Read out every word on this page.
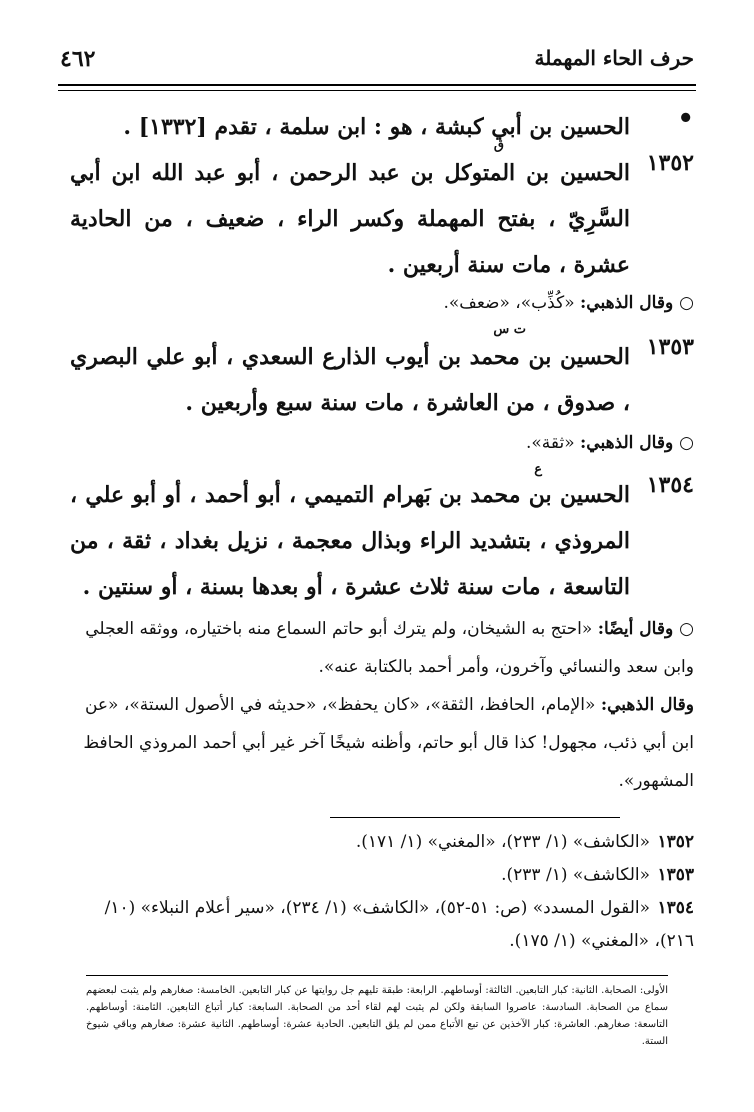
حرف الحاء المهملة
٤٦٢
•
الحسين بن أبي كبشة ، هو : ابن سلمة ، تقدم [١٣٣٢] .
ق
١٣٥٢
الحسين بن المتوكل بن عبد الرحمن ، أبو عبد الله ابن أبي السَّرِيّ ، بفتح المهملة وكسر الراء ، ضعيف ، من الحادية عشرة ، مات سنة أربعين .
○وقال الذهبي: «كُذِّب»، «ضعف».
ت س
١٣٥٣
الحسين بن محمد بن أيوب الذارع السعدي ، أبو علي البصري ، صدوق ، من العاشرة ، مات سنة سبع وأربعين .
○وقال الذهبي: «ثقة».
ع
١٣٥٤
الحسين بن محمد بن بَهرام التميمي ، أبو أحمد ، أو أبو علي ، المروذي ، بتشديد الراء وبذال معجمة ، نزيل بغداد ، ثقة ، من التاسعة ، مات سنة ثلاث عشرة ، أو بعدها بسنة ، أو سنتين .
○وقال أيضًا: «احتج به الشيخان، ولم يترك أبو حاتم السماع منه باختياره، ووثقه العجلي وابن سعد والنسائي وآخرون، وأمر أحمد بالكتابة عنه».
وقال الذهبي: «الإمام، الحافظ، الثقة»، «كان يحفظ»، «حديثه في الأصول الستة»، «عن ابن أبي ذئب، مجهول! كذا قال أبو حاتم، وأظنه شيخًا آخر غير أبي أحمد المروذي الحافظ المشهور».
١٣٥٢«الكاشف» (١/ ٢٣٣)، «المغني» (١/ ١٧١).
١٣٥٣«الكاشف» (١/ ٢٣٣).
١٣٥٤«القول المسدد» (ص: ٥١-٥٢)، «الكاشف» (١/ ٢٣٤)، «سير أعلام النبلاء» (١٠/ ٢١٦)، «المغني» (١/ ١٧٥).
الأولى: الصحابة. الثانية: كبار التابعين. الثالثة: أوساطهم. الرابعة: طبقة تليهم جل روايتها عن كبار التابعين. الخامسة: صغارهم ولم يثبت لبعضهم سماع من الصحابة. السادسة: عاصروا السابقة ولكن لم يثبت لهم لقاء أحد من الصحابة. السابعة: كبار أتباع التابعين. الثامنة: أوساطهم. التاسعة: صغارهم. العاشرة: كبار الآخذين عن تبع الأتباع ممن لم يلق التابعين. الحادية عشرة: أوساطهم. الثانية عشرة: صغارهم وباقي شيوخ الستة.
